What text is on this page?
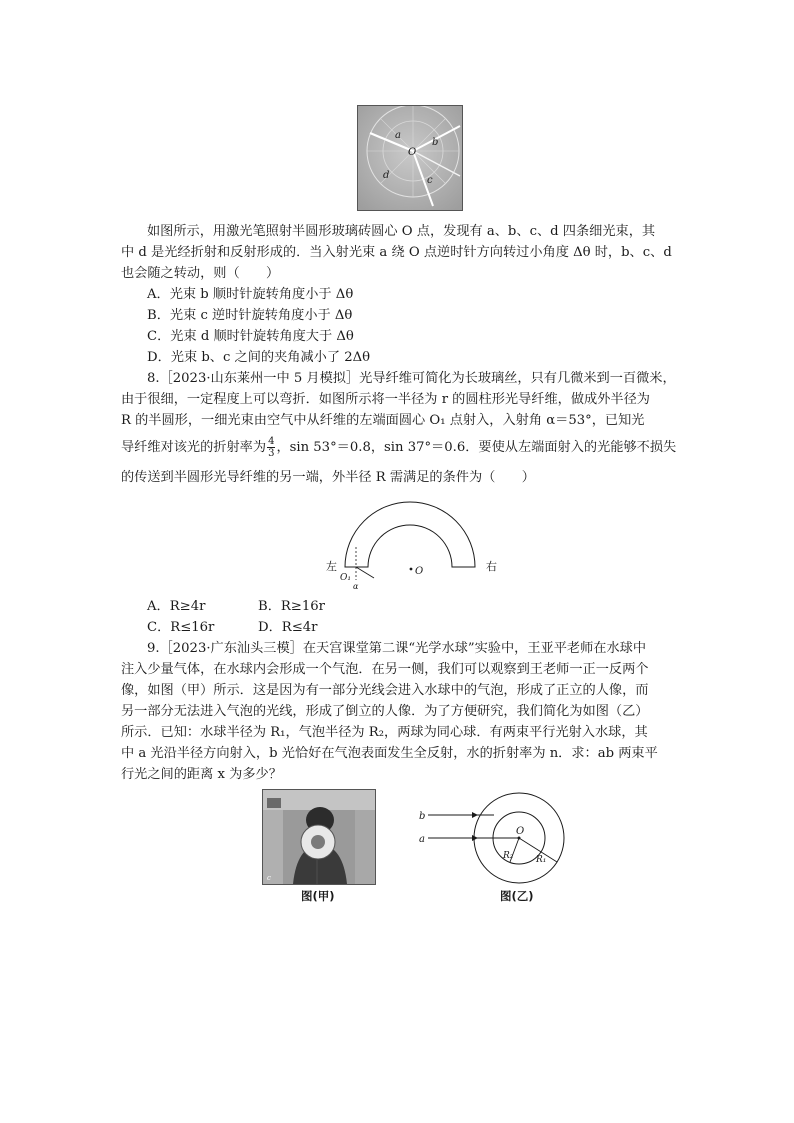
a
b
c
d
O
如图所示，用激光笔照射半圆形玻璃砖圆心 O 点，发现有 a、b、c、d 四条细光束，其
中 d 是光经折射和反射形成的．当入射光束 a 绕 O 点逆时针方向转过小角度 Δθ 时，b、c、d
也会随之转动，则（　　）
A．光束 b 顺时针旋转角度小于 Δθ
B．光束 c 逆时针旋转角度小于 Δθ
C．光束 d 顺时针旋转角度大于 Δθ
D．光束 b、c 之间的夹角减小了 2Δθ
8.［2023·山东莱州一中 5 月模拟］光导纤维可简化为长玻璃丝，只有几微米到一百微米，
由于很细，一定程度上可以弯折．如图所示将一半径为 r 的圆柱形光导纤维，做成外半径为
R 的半圆形，一细光束由空气中从纤维的左端面圆心 O₁ 点射入，入射角 α＝53°，已知光
导纤维对该光的折射率为 $\frac{4}{3}$ ，sin 53°＝0.8，sin 37°＝0.6．要使从左端面射入的光能够不损失
的传送到半圆形光导纤维的另一端，外半径 R 需满足的条件为（　　）
左	右
O
O₁
α
A．R≥4r	B．R≥16r
C．R≤16r	D．R≤4r
9.［2023·广东汕头三模］在天宫课堂第二课“光学水球”实验中，王亚平老师在水球中
注入少量气体，在水球内会形成一个气泡．在另一侧，我们可以观察到王老师一正一反两个
像，如图（甲）所示．这是因为有一部分光线会进入水球中的气泡，形成了正立的人像，而
另一部分无法进入气泡的光线，形成了倒立的人像．为了方便研究，我们简化为如图（乙）
所示．已知：水球半径为 R₁，气泡半径为 R₂，两球为同心球．有两束平行光射入水球，其
中 a 光沿半径方向射入，b 光恰好在气泡表面发生全反射，水的折射率为 n．求：ab 两束平
行光之间的距离 x 为多少？
c
图(甲)
b
a
O
R₂	R₁
图(乙)
